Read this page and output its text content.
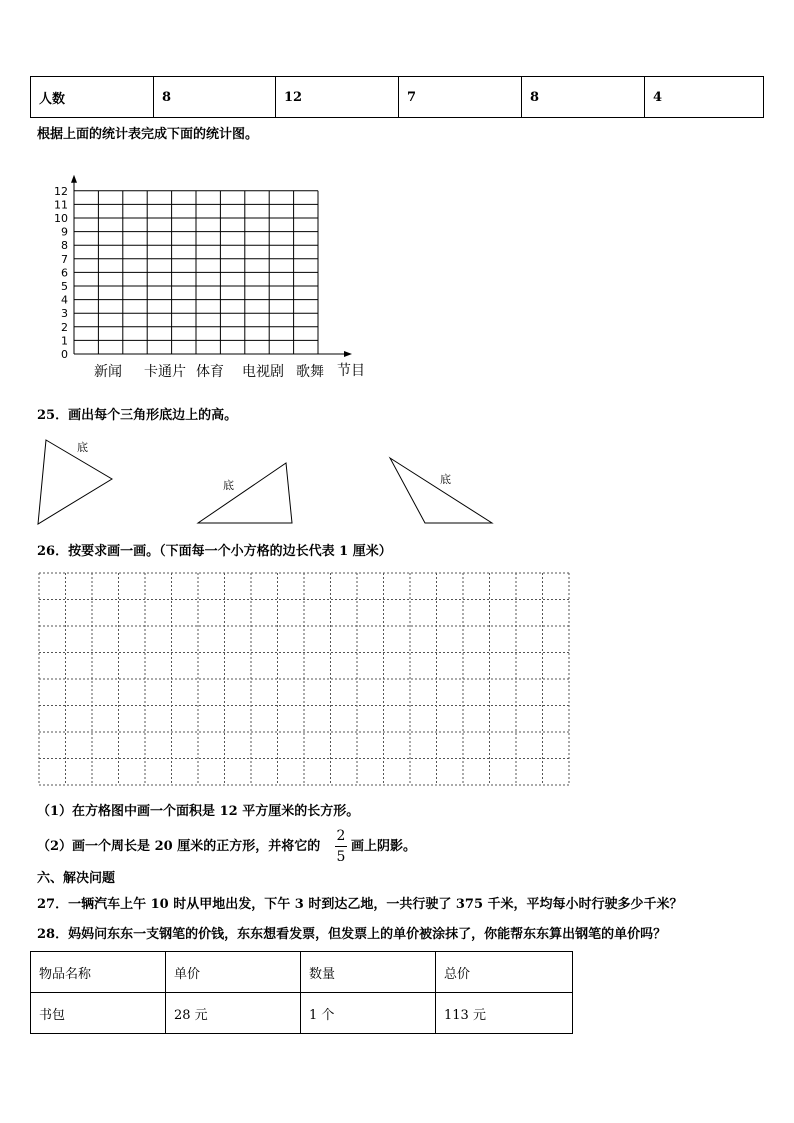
人数	8	12	7	8	4
根据上面的统计表完成下面的统计图。
0
1
2
3
4
5
6
7
8
9
10
11
12
新闻 卡通片 体育 电视剧 歌舞 节目
25．画出每个三角形底边上的高。
底
底	底
26．按要求画一画。（下面每一个小方格的边长代表 1 厘米）
（1）在方格图中画一个面积是 12 平方厘米的长方形。
（2）画一个周长是 20 厘米的正方形，并将它的
2
5
画上阴影。
六、解决问题
27．一辆汽车上午 10 时从甲地出发，下午 3 时到达乙地，一共行驶了 375 千米，平均每小时行驶多少千米？
28．妈妈问东东一支钢笔的价钱，东东想看发票，但发票上的单价被涂抹了，你能帮东东算出钢笔的单价吗？
物品名称	单价	数量	总价
书包	28 元	1 个	113 元
